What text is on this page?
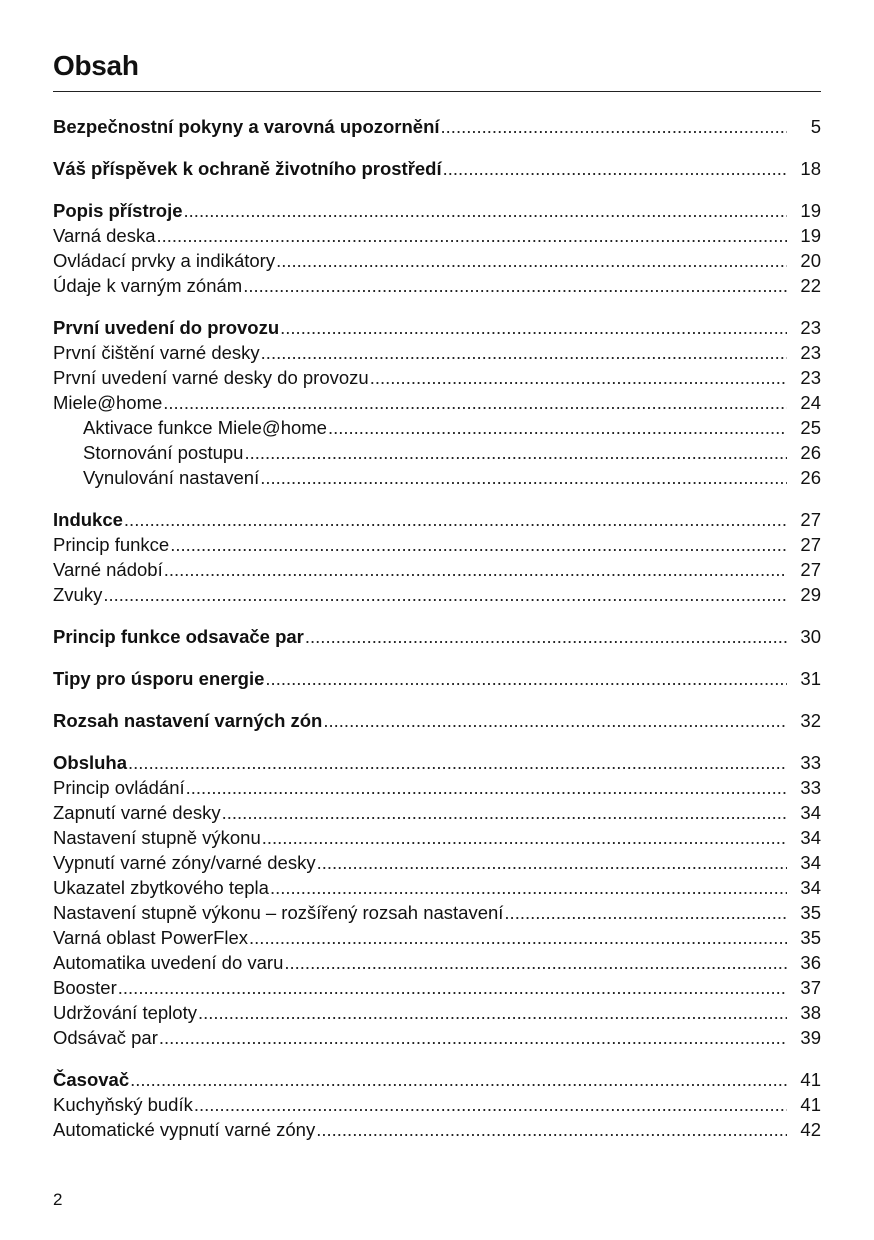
Obsah
Bezpečnostní pokyny a varovná upozornění .....	5
Váš příspěvek k ochraně životního prostředí .....	18
Popis přístroje .....	19
Varná deska .....	19
Ovládací prvky a indikátory .....	20
Údaje k varným zónám .....	22
První uvedení do provozu .....	23
První čištění varné desky .....	23
První uvedení varné desky do provozu .....	23
Miele@home .....	24
Aktivace funkce Miele@home .....	25
Stornování postupu .....	26
Vynulování nastavení .....	26
Indukce .....	27
Princip funkce .....	27
Varné nádobí .....	27
Zvuky .....	29
Princip funkce odsavače par .....	30
Tipy pro úsporu energie .....	31
Rozsah nastavení varných zón .....	32
Obsluha .....	33
Princip ovládání .....	33
Zapnutí varné desky .....	34
Nastavení stupně výkonu .....	34
Vypnutí varné zóny/varné desky .....	34
Ukazatel zbytkového tepla .....	34
Nastavení stupně výkonu – rozšířený rozsah nastavení .....	35
Varná oblast PowerFlex .....	35
Automatika uvedení do varu .....	36
Booster .....	37
Udržování teploty .....	38
Odsávač par .....	39
Časovač .....	41
Kuchyňský budík .....	41
Automatické vypnutí varné zóny .....	42
2
